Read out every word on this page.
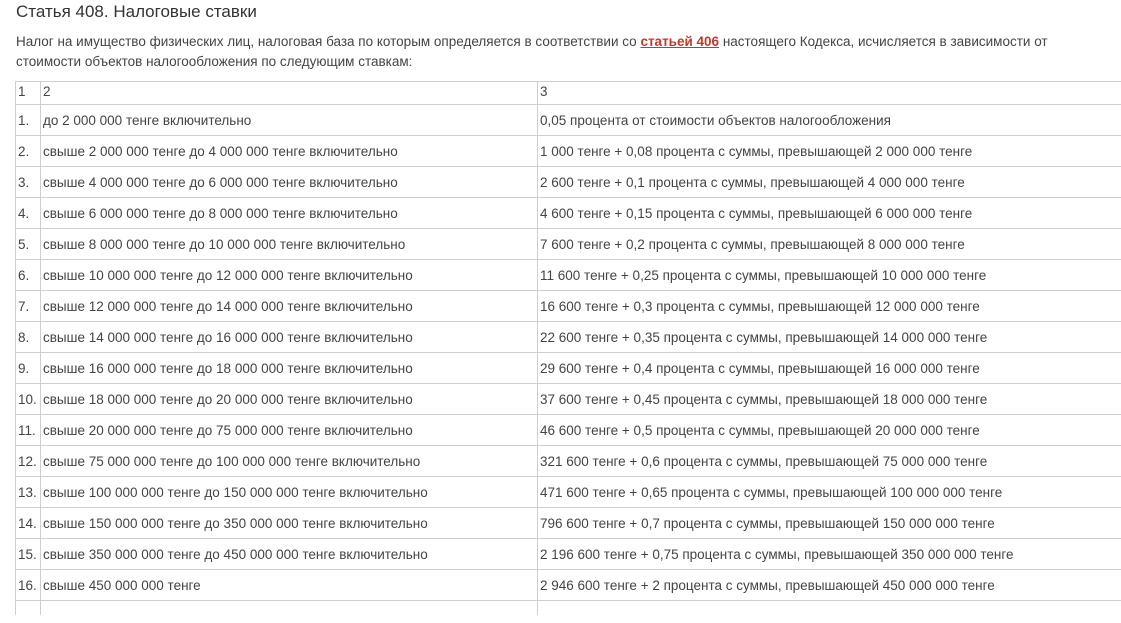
Статья 408. Налоговые ставки

Налог на имущество физических лиц, налоговая база по которым определяется в соответствии со статьей 406 настоящего Кодекса, исчисляется в зависимости от стоимости объектов налогообложения по следующим ставкам:

1	2	3
1.	до 2 000 000 тенге включительно	0,05 процента от стоимости объектов налогообложения
2.	свыше 2 000 000 тенге до 4 000 000 тенге включительно	1 000 тенге + 0,08 процента с суммы, превышающей 2 000 000 тенге
3.	свыше 4 000 000 тенге до 6 000 000 тенге включительно	2 600 тенге + 0,1 процента с суммы, превышающей 4 000 000 тенге
4.	свыше 6 000 000 тенге до 8 000 000 тенге включительно	4 600 тенге + 0,15 процента с суммы, превышающей 6 000 000 тенге
5.	свыше 8 000 000 тенге до 10 000 000 тенге включительно	7 600 тенге + 0,2 процента с суммы, превышающей 8 000 000 тенге
6.	свыше 10 000 000 тенге до 12 000 000 тенге включительно	11 600 тенге + 0,25 процента с суммы, превышающей 10 000 000 тенге
7.	свыше 12 000 000 тенге до 14 000 000 тенге включительно	16 600 тенге + 0,3 процента с суммы, превышающей 12 000 000 тенге
8.	свыше 14 000 000 тенге до 16 000 000 тенге включительно	22 600 тенге + 0,35 процента с суммы, превышающей 14 000 000 тенге
9.	свыше 16 000 000 тенге до 18 000 000 тенге включительно	29 600 тенге + 0,4 процента с суммы, превышающей 16 000 000 тенге
10.	свыше 18 000 000 тенге до 20 000 000 тенге включительно	37 600 тенге + 0,45 процента с суммы, превышающей 18 000 000 тенге
11.	свыше 20 000 000 тенге до 75 000 000 тенге включительно	46 600 тенге + 0,5 процента с суммы, превышающей 20 000 000 тенге
12.	свыше 75 000 000 тенге до 100 000 000 тенге включительно	321 600 тенге + 0,6 процента с суммы, превышающей 75 000 000 тенге
13.	свыше 100 000 000 тенге до 150 000 000 тенге включительно	471 600 тенге + 0,65 процента с суммы, превышающей 100 000 000 тенге
14.	свыше 150 000 000 тенге до 350 000 000 тенге включительно	796 600 тенге + 0,7 процента с суммы, превышающей 150 000 000 тенге
15.	свыше 350 000 000 тенге до 450 000 000 тенге включительно	2 196 600 тенге + 0,75 процента с суммы, превышающей 350 000 000 тенге
16.	свыше 450 000 000 тенге	2 946 600 тенге + 2 процента с суммы, превышающей 450 000 000 тенге
